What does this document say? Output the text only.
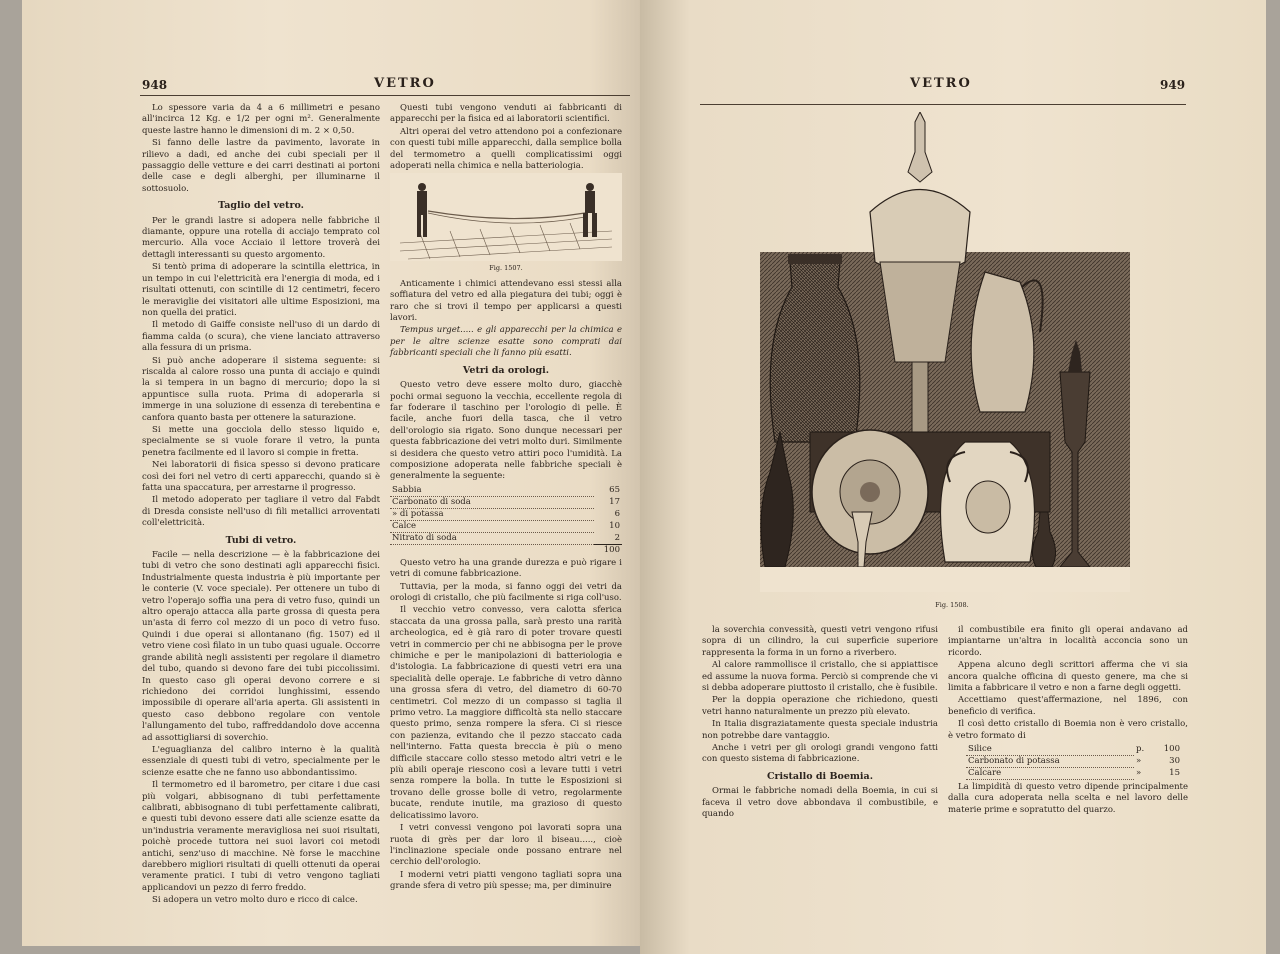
948	VETRO

Lo spessore varia da 4 a 6 millimetri e pesano all'incirca 12 Kg. e 1/2 per ogni m². Generalmente queste lastre hanno le dimensioni di m. 2 × 0,50.

Si fanno delle lastre da pavimento, lavorate in rilievo a dadi, ed anche dei cubi speciali per il passaggio delle vetture e dei carri destinati ai portoni delle case e degli alberghi, per illuminarne il sottosuolo.

Taglio del vetro.

Per le grandi lastre si adopera nelle fabbriche il diamante, oppure una rotella di acciajo temprato col mercurio. Alla voce Acciaio il lettore troverà dei dettagli interessanti su questo argomento.

Si tentò prima di adoperare la scintilla elettrica, in un tempo in cui l'elettricità era l'energia di moda, ed i risultati ottenuti, con scintille di 12 centimetri, fecero le meraviglie dei visitatori alle ultime Esposizioni, ma non quella dei pratici.

Il metodo di Gaiffe consiste nell'uso di un dardo di fiamma calda (o scura), che viene lanciato attraverso alla fessura di un prisma.

Si può anche adoperare il sistema seguente: si riscalda al calore rosso una punta di acciajo e quindi la si tempera in un bagno di mercurio; dopo la si appuntisce sulla ruota. Prima di adoperarla si immerge in una soluzione di essenza di terebentina e canfora quanto basta per ottenere la saturazione.

Si mette una gocciola dello stesso liquido e, specialmente se si vuole forare il vetro, la punta penetra facilmente ed il lavoro si compie in fretta.

Nei laboratorii di fisica spesso si devono praticare così dei fori nel vetro di certi apparecchi, quando si è fatta una spaccatura, per arrestarne il progresso.

Il metodo adoperato per tagliare il vetro dal Fabdt di Dresda consiste nell'uso di fili metallici arroventati coll'elettricità.

Tubi di vetro.

Facile — nella descrizione — è la fabbricazione dei tubi di vetro che sono destinati agli apparecchi fisici. Industrialmente questa industria è più importante per le conterie (V. voce speciale). Per ottenere un tubo di vetro l'operajo soffia una pera di vetro fuso, quindi un altro operajo attacca alla parte grossa di questa pera un'asta di ferro col mezzo di un poco di vetro fuso. Quindi i due operai si allontanano (fig. 1507) ed il vetro viene così filato in un tubo quasi uguale. Occorre grande abilità negli assistenti per regolare il diametro del tubo, quando si devono fare dei tubi piccolissimi. In questo caso gli operai devono correre e si richiedono dei corridoi lunghissimi, essendo impossibile di operare all'aria aperta. Gli assistenti in questo caso debbono regolare con ventole l'allungamento del tubo, raffreddandolo dove accenna ad assottigliarsi di soverchio.

L'eguaglianza del calibro interno è la qualità essenziale di questi tubi di vetro, specialmente per le scienze esatte che ne fanno uso abbondantissimo.

Il termometro ed il barometro, per citare i due casi più volgari, abbisognano di tubi perfettamente calibrati, abbisognano di tubi perfettamente calibrati, e questi tubi devono essere dati alle scienze esatte da un'industria veramente meravigliosa nei suoi risultati, poichè procede tuttora nei suoi lavori coi metodi antichi, senz'uso di macchine. Nè forse le macchine darebbero migliori risultati di quelli ottenuti da operai veramente pratici. I tubi di vetro vengono tagliati applicandovi un pezzo di ferro freddo.

Si adopera un vetro molto duro e ricco di calce.

Questi tubi vengono venduti ai fabbricanti di apparecchi per la fisica ed ai laboratorii scientifici.

Altri operai del vetro attendono poi a confezionare con questi tubi mille apparecchi, dalla semplice bolla del termometro a quelli complicatissimi oggi adoperati nella chimica e nella batteriologia.

Fig. 1507.

Anticamente i chimici attendevano essi stessi alla soffiatura del vetro ed alla piegatura dei tubi; oggi è raro che si trovi il tempo per applicarsi a questi lavori.

Tempus urget..... e gli apparecchi per la chimica e per le altre scienze esatte sono comprati dai fabbricanti speciali che li fanno più esatti.

Vetri da orologi.

Questo vetro deve essere molto duro, giacchè pochi ormai seguono la vecchia, eccellente regola di far foderare il taschino per l'orologio di pelle. È facile, anche fuori della tasca, che il vetro dell'orologio sia rigato. Sono dunque necessari per questa fabbricazione dei vetri molto duri. Similmente si desidera che questo vetro attiri poco l'umidità. La composizione adoperata nelle fabbriche speciali è generalmente la seguente:

Sabbia	65
Carbonato di soda	17
» di potassa	6
Calce	10
Nitrato di soda	2
	100

Questo vetro ha una grande durezza e può rigare i vetri di comune fabbricazione.

Tuttavia, per la moda, si fanno oggi dei vetri da orologi di cristallo, che più facilmente si riga coll'uso.

Il vecchio vetro convesso, vera calotta sferica staccata da una grossa palla, sarà presto una rarità archeologica, ed è già raro di poter trovare questi vetri in commercio per chi ne abbisogna per le prove chimiche e per le manipolazioni di batteriologia e d'istologia. La fabbricazione di questi vetri era una specialità delle operaje. Le fabbriche di vetro dànno una grossa sfera di vetro, del diametro di 60-70 centimetri. Col mezzo di un compasso si taglia il primo vetro. La maggiore difficoltà sta nello staccare questo primo, senza rompere la sfera. Ci si riesce con pazienza, evitando che il pezzo staccato cada nell'interno. Fatta questa breccia è più o meno difficile staccare collo stesso metodo altri vetri e le più abili operaje riescono così a levare tutti i vetri senza rompere la bolla. In tutte le Esposizioni si trovano delle grosse bolle di vetro, regolarmente bucate, rendute inutile, ma grazioso di questo delicatissimo lavoro.

I vetri convessi vengono poi lavorati sopra una ruota di grès per dar loro il biseau....., cioè l'inclinazione speciale onde possano entrare nel cerchio dell'orologio.

I moderni vetri piatti vengono tagliati sopra una grande sfera di vetro più spesse; ma, per diminuire

VETRO	949
Fig. 1508.

la soverchia convessità, questi vetri vengono rifusi sopra di un cilindro, la cui superficie superiore rappresenta la forma in un forno a riverbero.

Al calore rammollisce il cristallo, che si appiattisce ed assume la nuova forma. Perciò si comprende che vi si debba adoperare piuttosto il cristallo, che è fusibile.

Per la doppia operazione che richiedono, questi vetri hanno naturalmente un prezzo più elevato.

In Italia disgraziatamente questa speciale industria non potrebbe dare vantaggio.

Anche i vetri per gli orologi grandi vengono fatti con questo sistema di fabbricazione.

Cristallo di Boemia.

Ormai le fabbriche nomadi della Boemia, in cui si faceva il vetro dove abbondava il combustibile, e quando

il combustibile era finito gli operai andavano ad impiantarne un'altra in località acconcia sono un ricordo.

Appena alcuno degli scrittori afferma che vi sia ancora qualche officina di questo genere, ma che si limita a fabbricare il vetro e non a farne degli oggetti.

Accettiamo quest'affermazione, nel 1896, con beneficio di verifica.

Il così detto cristallo di Boemia non è vero cristallo, è vetro formato di

Silice	p.	100
Carbonato di potassa	»	30
Calcare	»	15

La limpidità di questo vetro dipende principalmente dalla cura adoperata nella scelta e nel lavoro delle materie prime e sopratutto del quarzo.
